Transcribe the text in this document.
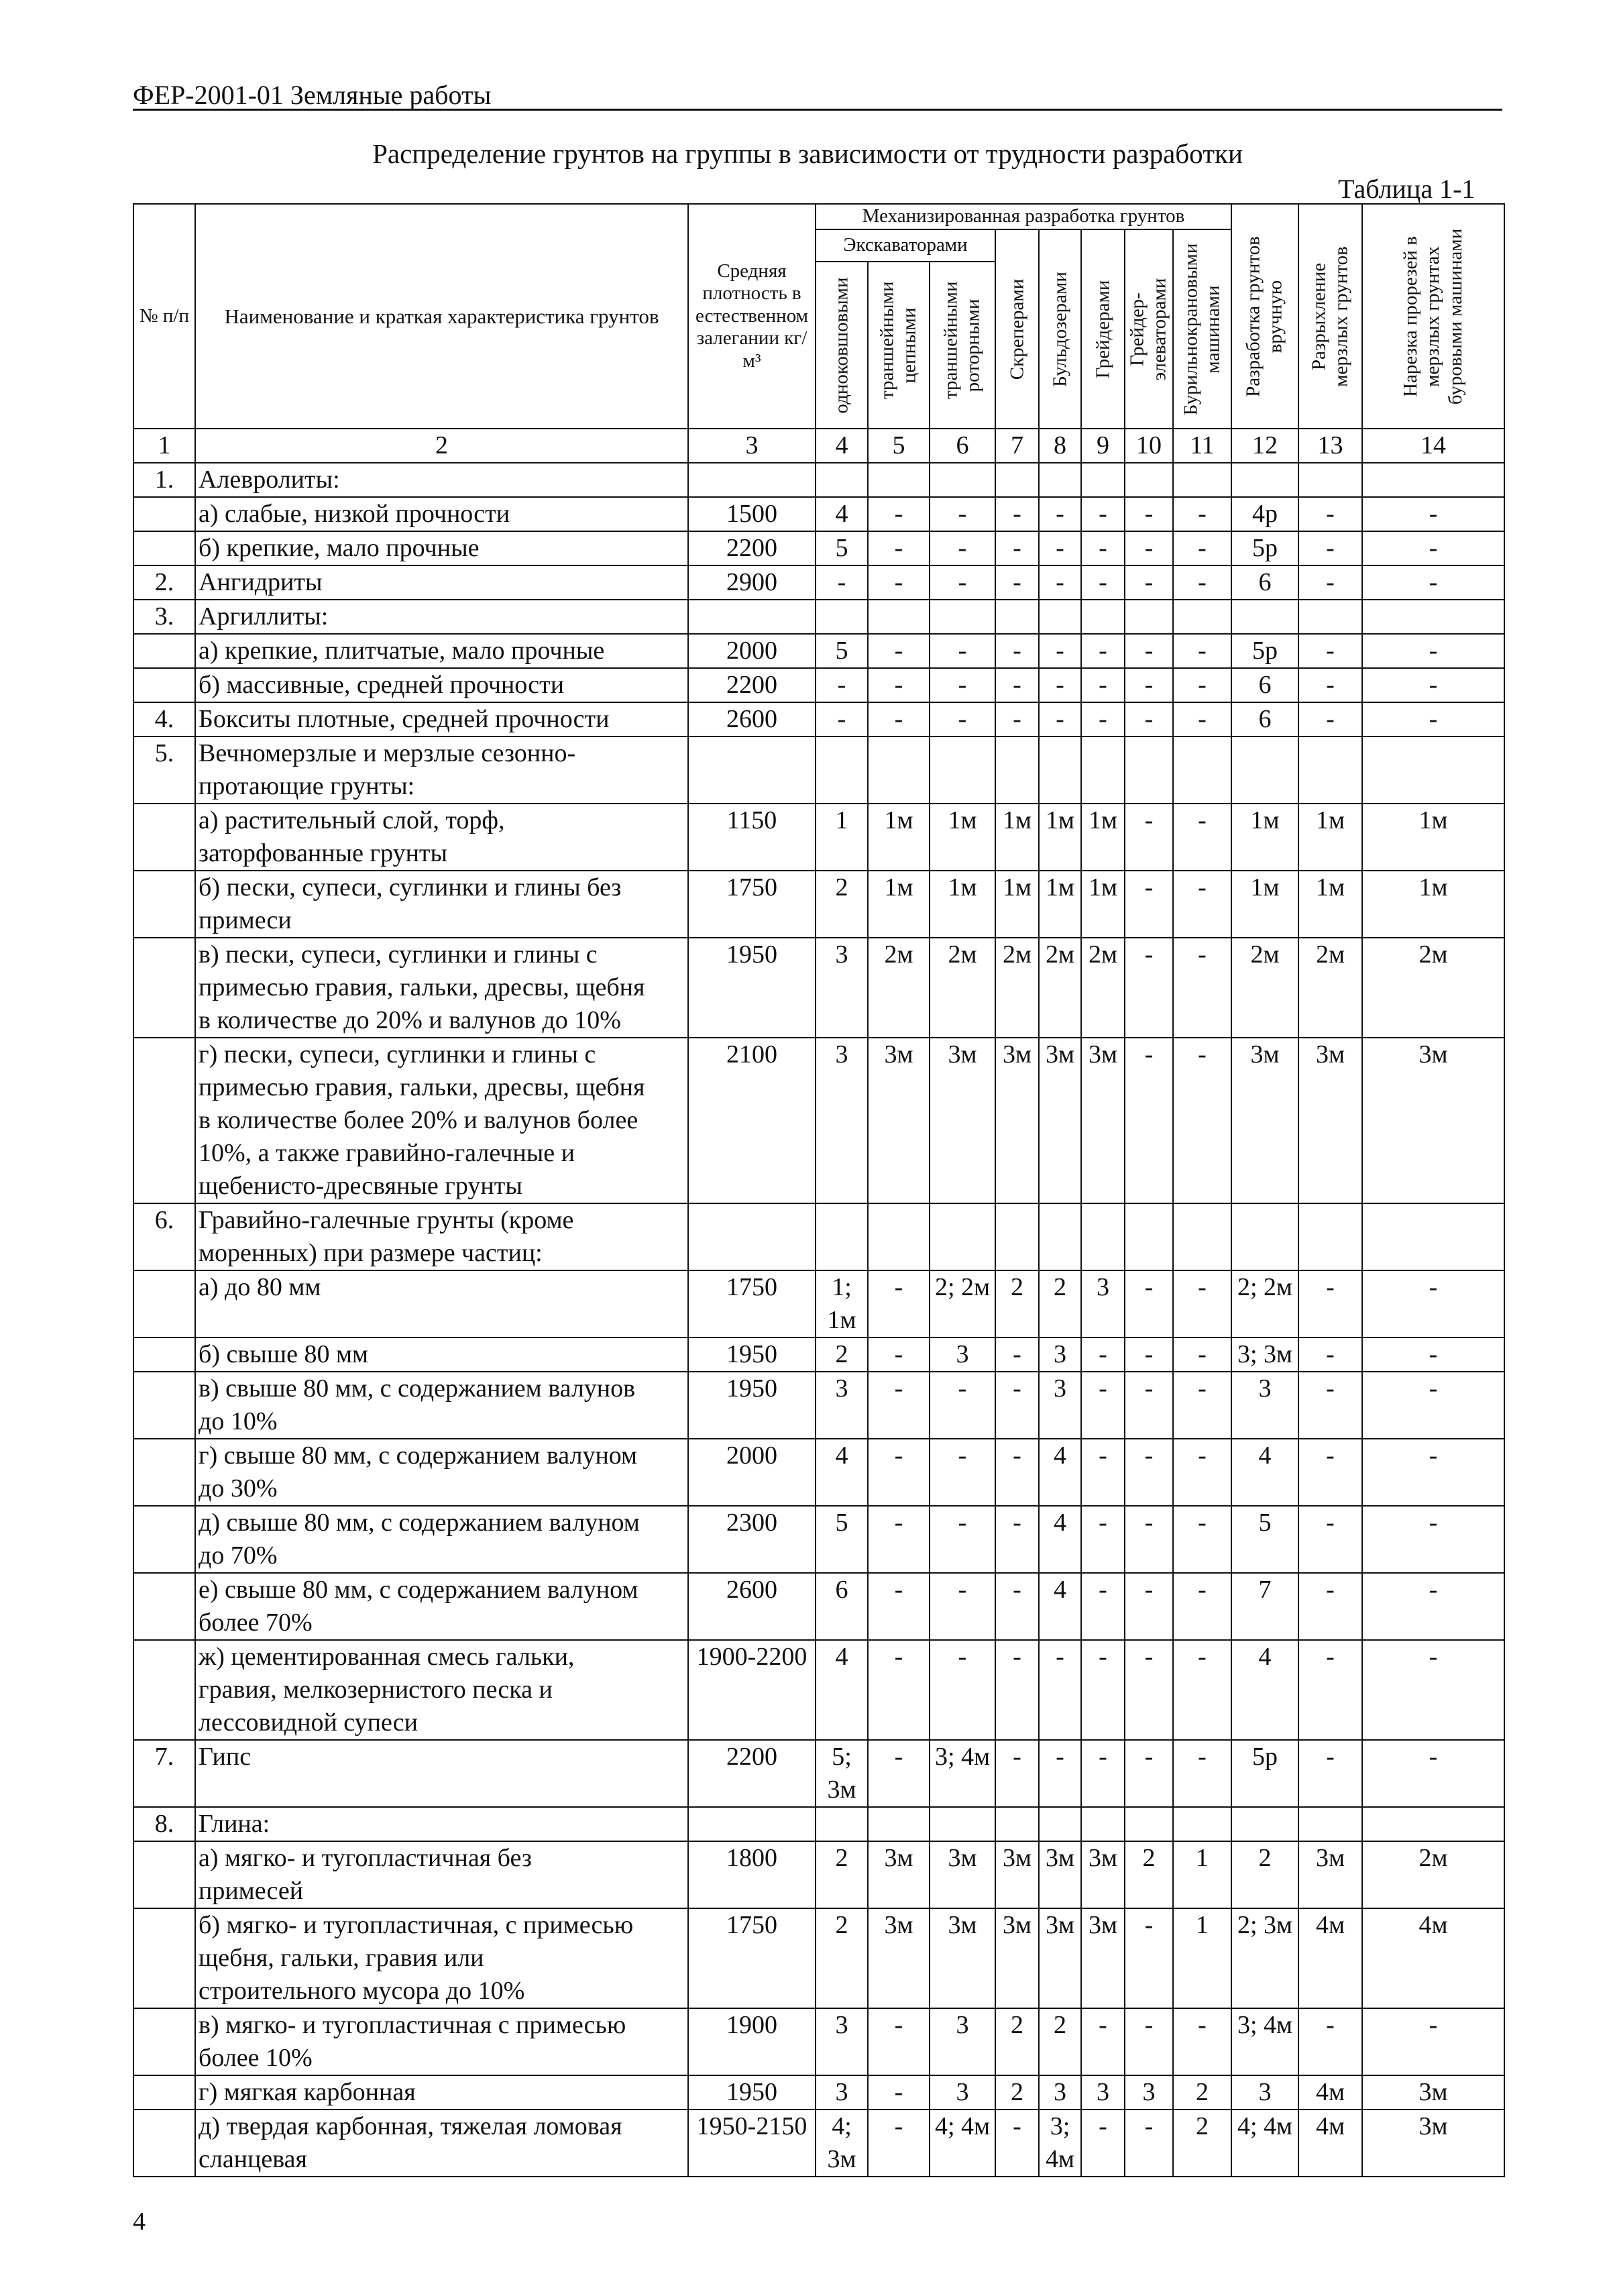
ФЕР-2001-01 Земляные работы
Распределение грунтов на группы в зависимости от трудности разработки
Таблица 1-1
№ п/п	Наименование и краткая характеристика грунтов	Средняя плотность в естественном залегании кг/м³	Механизированная разработка грунтов								Разработка грунтов вручную	Разрыхление мерзлых грунтов	Нарезка прорезей в мерзлых грунтах буровыми машинами

			Экскаваторами			Скреперами	Бульдозерами	Грейдерами	Грейдер-элеваторами	Бурильнокрановыми машинами			

			одноковшовыми	траншейными цепными	траншейными роторными								

1	2	3	4	5	6	7	8	9	10	11	12	13	14
1.	Алевролиты:												

	а) слабые, низкой прочности	1500	4	-	-	-	-	-	-	-	4р	-	-

	б) крепкие, мало прочные	2200	5	-	-	-	-	-	-	-	5р	-	-
2.	Ангидриты	2900	-	-	-	-	-	-	-	-	6	-	-
3.	Аргиллиты:												

	а) крепкие, плитчатые, мало прочные	2000	5	-	-	-	-	-	-	-	5р	-	-

	б) массивные, средней прочности	2200	-	-	-	-	-	-	-	-	6	-	-
4.	Бокситы плотные, средней прочности	2600	-	-	-	-	-	-	-	-	6	-	-
5.	Вечномерзлые и мерзлые сезонно-
протающие грунты:												

	а) растительный слой, торф,
заторфованные грунты	1150	1	1м	1м	1м	1м	1м	-	-	1м	1м	1м

	б) пески, супеси, суглинки и глины без
примеси	1750	2	1м	1м	1м	1м	1м	-	-	1м	1м	1м

	в) пески, супеси, суглинки и глины с
примесью гравия, гальки, дресвы, щебня
в количестве до 20% и валунов до 10%	1950	3	2м	2м	2м	2м	2м	-	-	2м	2м	2м

	г) пески, супеси, суглинки и глины с
примесью гравия, гальки, дресвы, щебня
в количестве более 20% и валунов более
10%, а также гравийно-галечные и
щебенисто-дресвяные грунты	2100	3	3м	3м	3м	3м	3м	-	-	3м	3м	3м
6.	Гравийно-галечные грунты (кроме
моренных) при размере частиц:												

	а) до 80 мм	1750	1; 1м	-	2; 2м	2	2	3	-	-	2; 2м	-	-

	б) свыше 80 мм	1950	2	-	3	-	3	-	-	-	3; 3м	-	-

	в) свыше 80 мм, с содержанием валунов
до 10%	1950	3	-	-	-	3	-	-	-	3	-	-

	г) свыше 80 мм, с содержанием валуном
до 30%	2000	4	-	-	-	4	-	-	-	4	-	-

	д) свыше 80 мм, с содержанием валуном
до 70%	2300	5	-	-	-	4	-	-	-	5	-	-

	е) свыше 80 мм, с содержанием валуном
более 70%	2600	6	-	-	-	4	-	-	-	7	-	-

	ж) цементированная смесь гальки,
гравия, мелкозернистого песка и
лессовидной супеси	1900-2200	4	-	-	-	-	-	-	-	4	-	-
7.	Гипс	2200	5; 3м	-	3; 4м	-	-	-	-	-	5р	-	-
8.	Глина:												

	а) мягко- и тугопластичная без
примесей	1800	2	3м	3м	3м	3м	3м	2	1	2	3м	2м

	б) мягко- и тугопластичная, с примесью
щебня, гальки, гравия или
строительного мусора до 10%	1750	2	3м	3м	3м	3м	3м	-	1	2; 3м	4м	4м

	в) мягко- и тугопластичная с примесью
более 10%	1900	3	-	3	2	2	-	-	-	3; 4м	-	-

	г) мягкая карбонная	1950	3	-	3	2	3	3	3	2	3	4м	3м

	д) твердая карбонная, тяжелая ломовая
сланцевая	1950-2150	4; 3м	-	4; 4м	-	3; 4м	-	-	2	4; 4м	4м	3м
4
